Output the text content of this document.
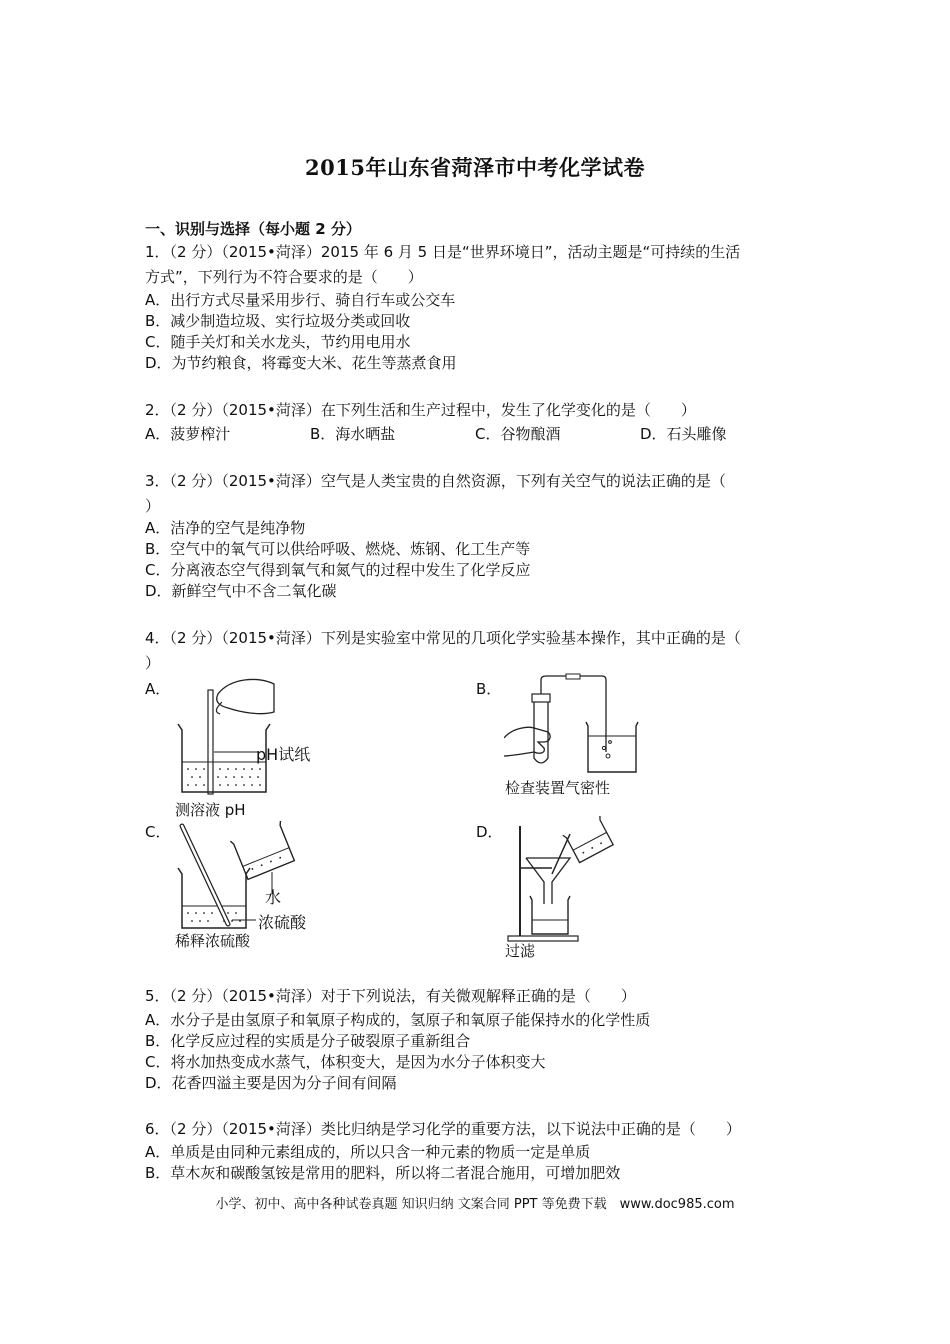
2015年山东省菏泽市中考化学试卷
一、识别与选择（每小题 2 分）
1．（2 分）（2015•菏泽）2015 年 6 月 5 日是“世界环境日”，活动主题是“可持续的生活
方式”，下列行为不符合要求的是（　　）
A．出行方式尽量采用步行、骑自行车或公交车
B．减少制造垃圾、实行垃圾分类或回收
C．随手关灯和关水龙头，节约用电用水
D．为节约粮食，将霉变大米、花生等蒸煮食用
2．（2 分）（2015•菏泽）在下列生活和生产过程中，发生了化学变化的是（　　）
A．菠萝榨汁	B．海水晒盐	C．谷物酿酒	D．石头雕像
3．（2 分）（2015•菏泽）空气是人类宝贵的自然资源，下列有关空气的说法正确的是（
）
A．洁净的空气是纯净物
B．空气中的氧气可以供给呼吸、燃烧、炼钢、化工生产等
C．分离液态空气得到氧气和氮气的过程中发生了化学反应
D．新鲜空气中不含二氧化碳
4．（2 分）（2015•菏泽）下列是实验室中常见的几项化学实验基本操作，其中正确的是（
）
A．	B．
C．	D．
pH试纸
测溶液 pH
检查装置气密性
水
浓硫酸
稀释浓硫酸
过滤
5．（2 分）（2015•菏泽）对于下列说法，有关微观解释正确的是（　　）
A．水分子是由氢原子和氧原子构成的，氢原子和氧原子能保持水的化学性质
B．化学反应过程的实质是分子破裂原子重新组合
C．将水加热变成水蒸气，体积变大，是因为水分子体积变大
D．花香四溢主要是因为分子间有间隔
6．（2 分）（2015•菏泽）类比归纳是学习化学的重要方法，以下说法中正确的是（　　）
A．单质是由同种元素组成的，所以只含一种元素的物质一定是单质
B．草木灰和碳酸氢铵是常用的肥料，所以将二者混合施用，可增加肥效
小学、初中、高中各种试卷真题 知识归纳 文案合同 PPT 等免费下载　www.doc985.com
